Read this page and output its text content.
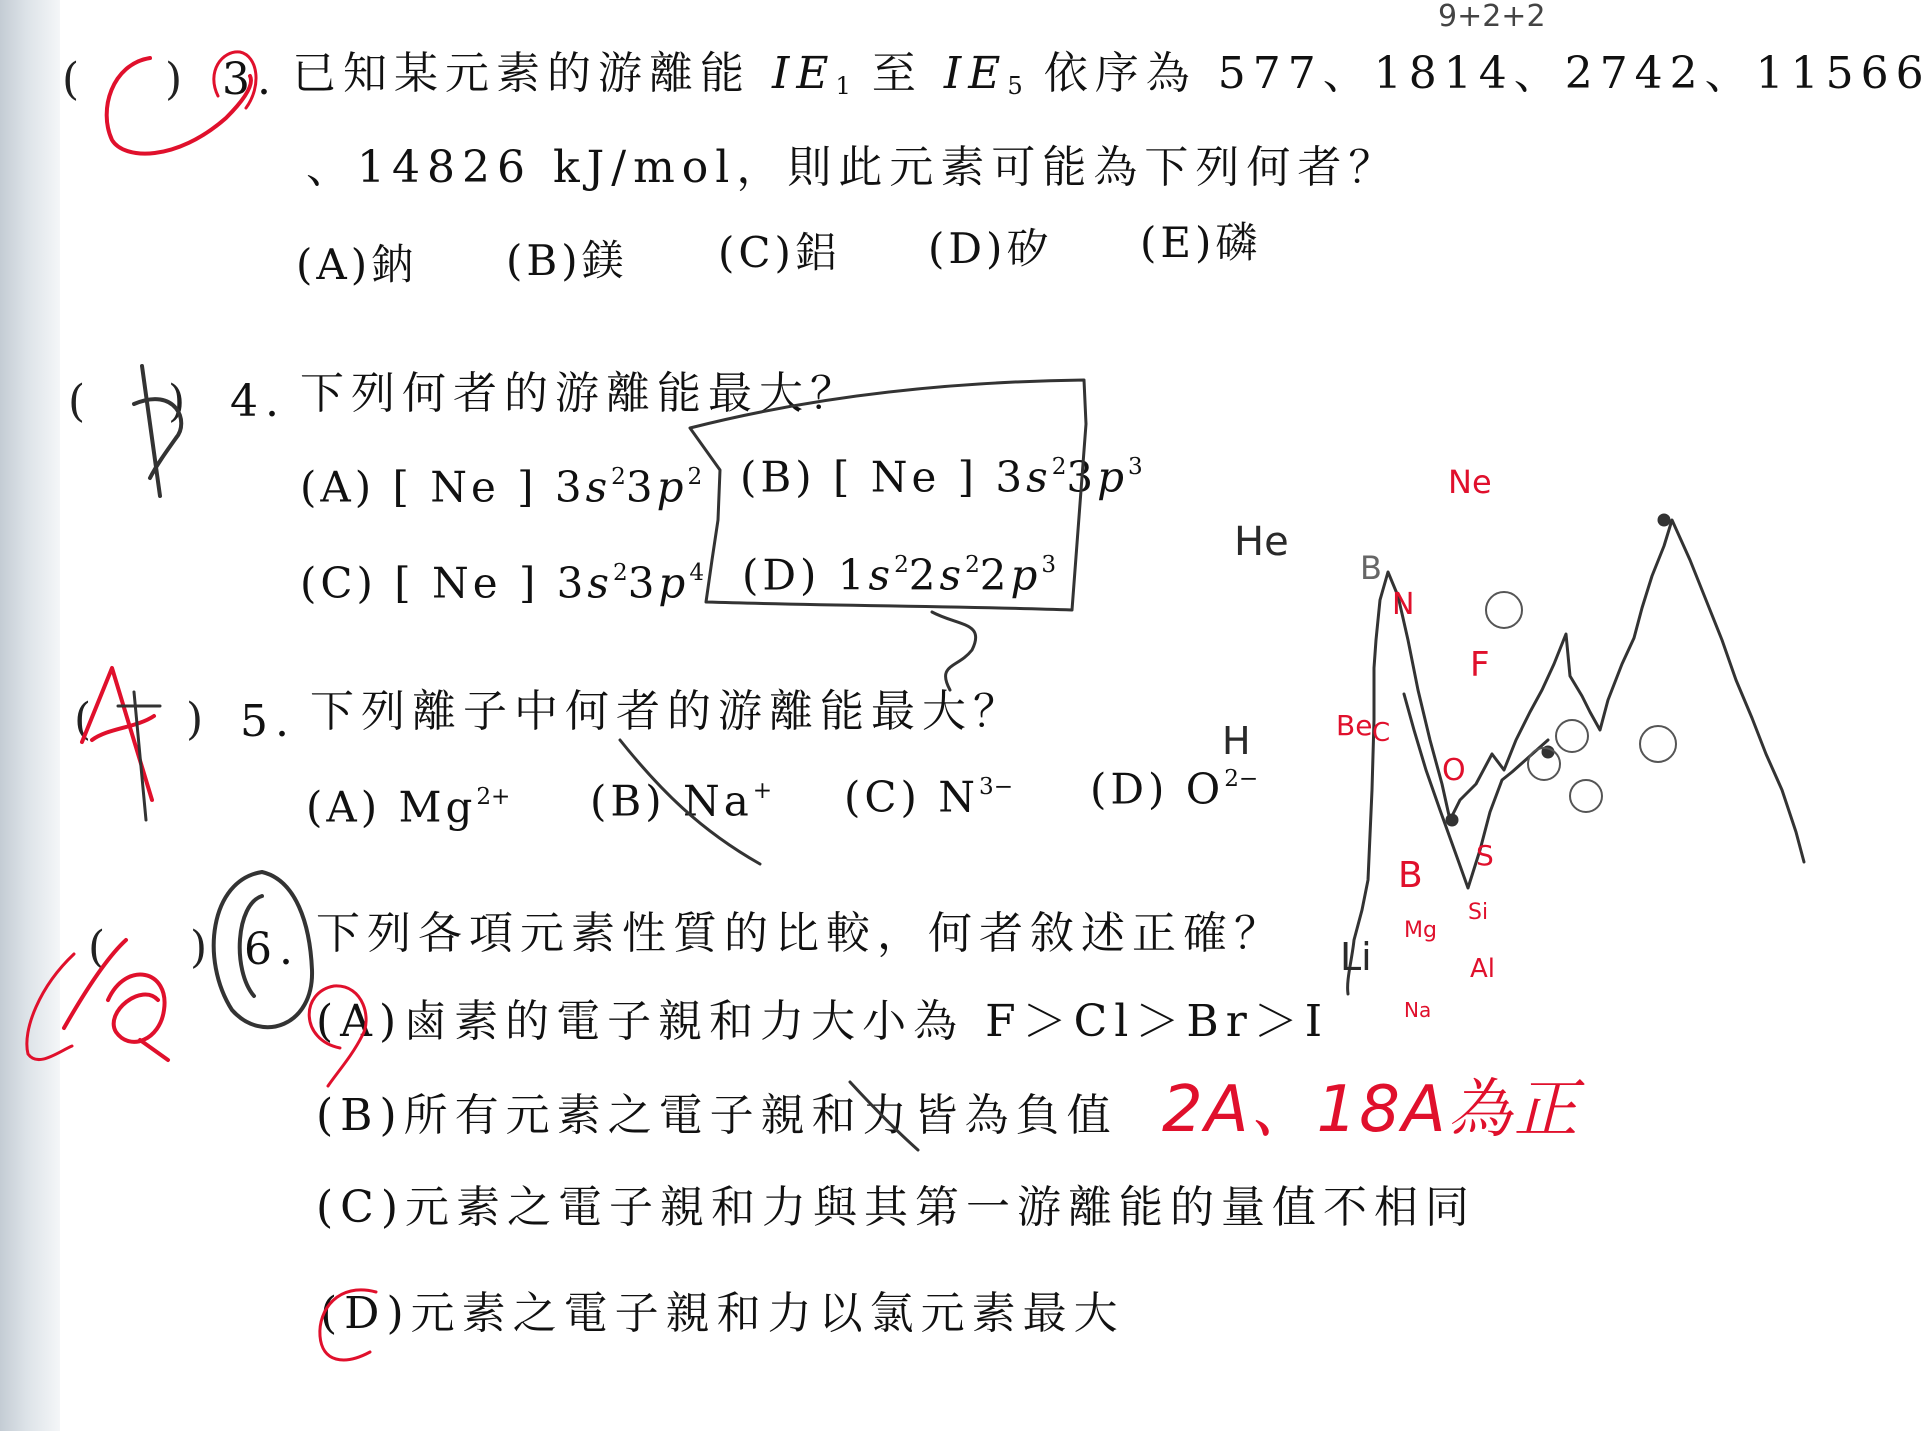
( ) 3. 已知某元素的游離能 $IE_1$ 至 $IE_5$ 依序為 577、1814、2742、11566
、14826 kJ/mol，則此元素可能為下列何者？
(A)鈉 (B)鎂 (C)鋁 (D)矽 (E)磷
( ) 4. 下列何者的游離能最大？
(A) [ Ne ] $3s^23p^2$ (B) [ Ne ] $3s^23p^3$
(C) [ Ne ] $3s^23p^4$ (D) $1s^22s^22p^3$
( ) 5. 下列離子中何者的游離能最大？
(A) $Mg^{2+}$ (B) Na+ (C) $N^{3-}$ (D) $O^{2-}$
( ) 6. 下列各項元素性質的比較，何者敘述正確？
(A)鹵素的電子親和力大小為 F＞Cl＞Br＞I
(B)所有元素之電子親和力皆為負值
(C)元素之電子親和力與其第一游離能的量值不相同
(D)元素之電子親和力以氯元素最大
2A、18A為正
9+2+2
He
H
Li
Ne
B
N
F
Be C
O
B S
Mg
Si
Na
Al
